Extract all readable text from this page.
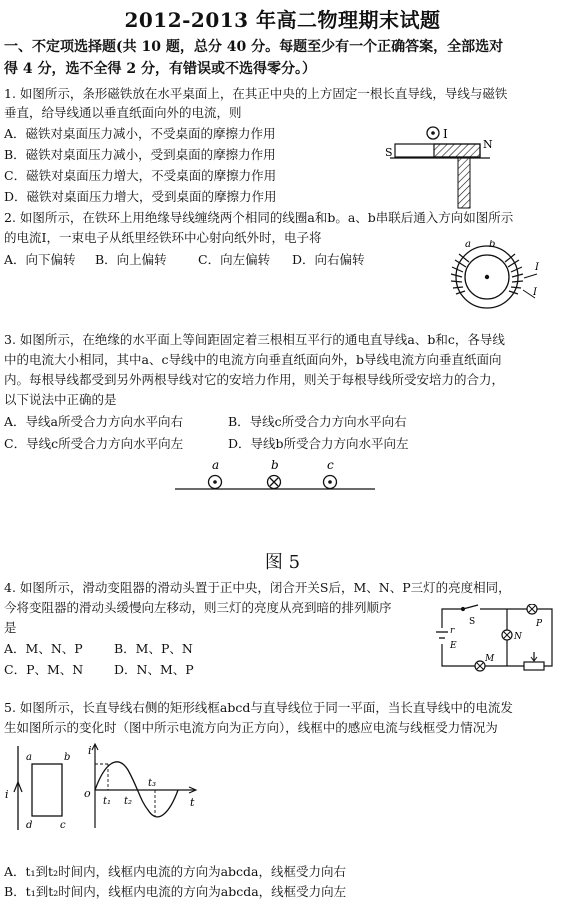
2012-2013 年高二物理期末试题
一、不定项选择题(共 10 题，总分 40 分。每题至少有一个正确答案，全部选对
得 4 分，选不全得 2 分，有错误或不选得零分。）
1. 如图所示，条形磁铁放在水平桌面上，在其正中央的上方固定一根长直导线，导线与磁铁
垂直，给导线通以垂直纸面向外的电流，则
A．磁铁对桌面压力减小，不受桌面的摩擦力作用
B．磁铁对桌面压力减小，受到桌面的摩擦力作用
C．磁铁对桌面压力增大，不受桌面的摩擦力作用
D．磁铁对桌面压力增大，受到桌面的摩擦力作用
I
S
N
2. 如图所示，在铁环上用绝缘导线缠绕两个相同的线圈a和b。a、b串联后通入方向如图所示
的电流I，一束电子从纸里经铁环中心射向纸外时，电子将
A．向下偏转 B．向上偏转	C．向左偏转 D．向右偏转
a b
I
I
3. 如图所示，在绝缘的水平面上等间距固定着三根相互平行的通电直导线a、b和c，各导线
中的电流大小相同，其中a、c导线中的电流方向垂直纸面向外，b导线电流方向垂直纸面向
内。每根导线都受到另外两根导线对它的安培力作用，则关于每根导线所受安培力的合力，
以下说法中正确的是
A．导线a所受合力方向水平向右	B．导线c所受合力方向水平向右
C．导线c所受合力方向水平向左	D．导线b所受合力方向水平向左
a	b	c
图 5
4. 如图所示，滑动变阻器的滑动头置于正中央，闭合开关S后，M、N、P三灯的亮度相同，
今将变阻器的滑动头缓慢向左移动，则三灯的亮度从亮到暗的排列顺序
是
A．M、N、P	B．M、P、N
C．P、M、N D．N、M、P
r
E
S	P
N
M
5. 如图所示，长直导线右侧的矩形线框abcd与直导线位于同一平面，当长直导线中的电流发
生如图所示的变化时（图中所示电流方向为正方向），线框中的感应电流与线框受力情况为
i
a	b
c
d
i
o
t
t₁ t₂
t₃
A．t₁到t₂时间内，线框内电流的方向为abcda，线框受力向右
B．t₁到t₂时间内，线框内电流的方向为abcda，线框受力向左
